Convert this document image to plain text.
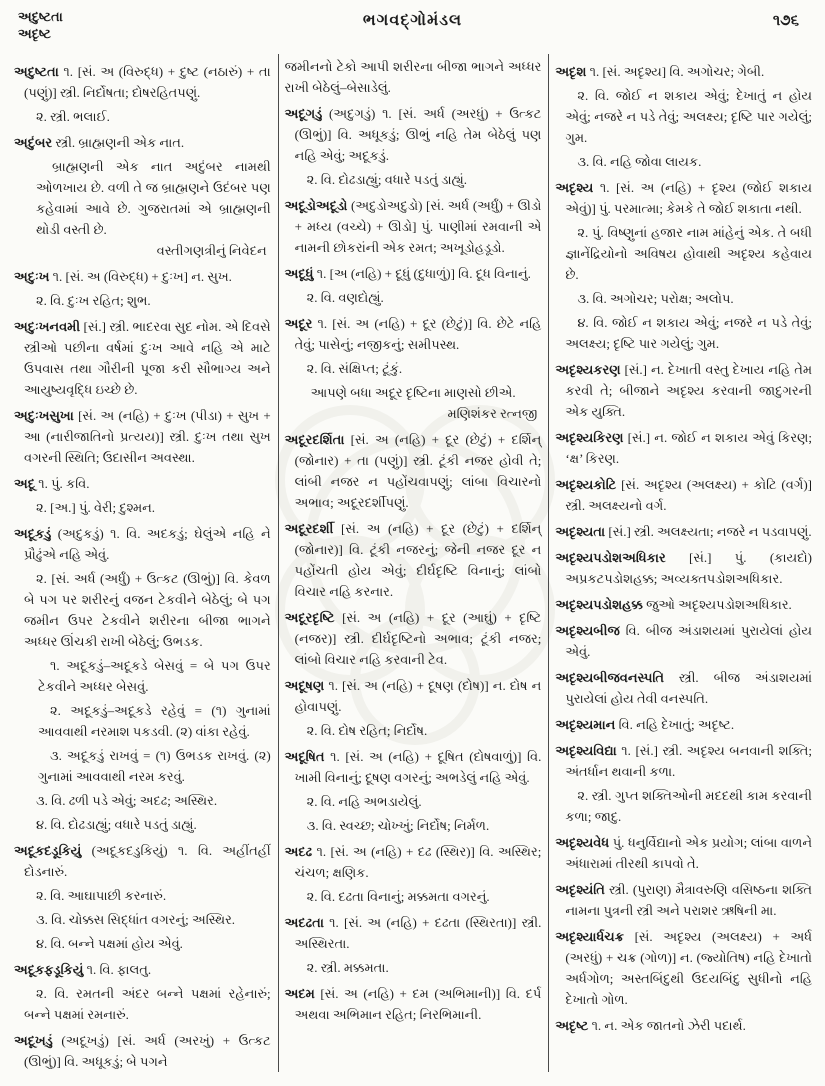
અદુષ્ટતા
અદૃષ્ટ
ભગવદ્ગોમંડલ	૧૭૬

અદુષ્ટતા ૧. [સં. અ (વિરુદ્ધ) + દુષ્ટ (નઠારું) + તા (પણું)] સ્ત્રી. નિર્દોષતા; દોષરહિતપણું.

૨. સ્ત્રી. ભલાઈ.

અદુંબર સ્ત્રી. બ્રાહ્મણની એક નાત.

બ્રાહ્મણની એક નાત અદુંબર નામથી ઓળખાય છે. વળી તે જ બ્રાહ્મણને ઉદંબર પણ કહેવામાં આવે છે. ગુજરાતમાં એ બ્રાહ્મણની થોડી વસ્તી છે.
વસ્તીગણત્રીનું નિવેદન

અદુઃખ ૧. [સં. અ (વિરુદ્ધ) + દુઃખ] ન. સુખ.

૨. વિ. દુઃખ રહિત; શુભ.

અદુઃખનવમી [સં.] સ્ત્રી. ભાદરવા સુદ નોમ. એ દિવસે સ્ત્રીઓ પછીના વર્ષમાં દુઃખ આવે નહિ એ માટે ઉપવાસ તથા ગૌરીની પૂજા કરી સૌભાગ્ય અને આયુષ્યવૃદ્ધિ ઇચ્છે છે.

અદુઃખસુખા [સં. અ (નહિ) + દુઃખ (પીડા) + સુખ + આ (નારીજાતિનો પ્રત્યય)] સ્ત્રી. દુઃખ તથા સુખ વગરની સ્થિતિ; ઉદાસીન અવસ્થા.

અદૂ ૧. પું. કવિ.

૨. [અ.] પું. વેરી; દુશ્મન.

અદૂકડું (અદુકડું) ૧. વિ. અદકડું; ઘેલુંએ નહિ ને પ્રૌઢુંએ નહિ એવું.

૨. [સં. અર્ધ (અર્ધું) + ઉત્કટ (ઊભું)] વિ. કેવળ બે પગ પર શરીરનું વજન ટેકવીને બેઠેલું; બે પગ જમીન ઉપર ટેકવીને શરીરના બીજા ભાગને અધ્ધર ઊંચકી રાખી બેઠેલું; ઉભડક.

૧. અદૂકડું–અદૂકડે બેસવું = બે પગ ઉપર ટેકવીને અધ્ધર બેસવું.

૨. અદૂકડું–અદૂકડે રહેવું = (૧) ગુનામાં આવવાથી નરમાશ પકડવી. (૨) વાંકા રહેવું.

૩. અદૂકડું રાખવું = (૧) ઉભડક રાખવું. (૨) ગુનામાં આવવાથી નરમ કરવું.

૩. વિ. ઢળી પડે એવું; અદઢ; અસ્થિર.

૪. વિ. દોઢડાહ્યું; વધારે પડતું ડાહ્યું.

અદૂકદડૂકિયું (અદૂકદડુકિયું) ૧. વિ. અહીંતહીં દોડનારું.

૨. વિ. આઘાપાછી કરનારું.

૩. વિ. ચોક્કસ સિદ્ધાંત વગરનું; અસ્થિર.

૪. વિ. બન્ને પક્ષમાં હોય એવું.

અદૂકફડૂકિયું ૧. વિ. ફાલતુ.

૨. વિ. રમતની અંદર બન્ને પક્ષમાં રહેનારું; બન્ને પક્ષમાં રમનારું.

અદૂખડું (અદૂખડું) [સં. અર્ધ (અરખું) + ઉત્કટ (ઊભું)] વિ. અધૂકડું; બે પગને

જમીનનો ટેકો આપી શરીરના બીજા ભાગને અધ્ધર રાખી બેઠેલું–બેસાડેલું.

અદૂગડું (અદુગડું) ૧. [સં. અર્ધ (અરધું) + ઉત્કટ (ઊભું)] વિ. અધૂકડું; ઊભું નહિ તેમ બેઠેલું પણ નહિ એવું; અદૂકડું.

૨. વિ. દોઢડાહ્યું; વધારે પડતું ડાહ્યું.

અદૂડોઅદૂડો (અદુડોઅદુડો) [સં. અર્ધ (અર્ધું) + ઊડો + મધ્ય (વચ્ચે) + ઊડો] પું. પાણીમાં રમવાની એ નામની છોકરાંની એક રમત; અખૂડોહડૂડો.

અદૂધું ૧. [અ (નહિ) + દૂધું (દુધાળું)] વિ. દૂધ વિનાનું.

૨. વિ. વણદોહ્યું.

અદૂર ૧. [સં. અ (નહિ) + દૂર (છેટું)] વિ. છેટે નહિ તેવું; પાસેનું; નજીકનું; સમીપસ્થ.

૨. વિ. સંક્ષિપ્ત; ટૂંકું.

આપણે બધા અદૂર દૃષ્ટિના માણસો છીએ.
મણિશંકર રત્નજી

અદૂરદર્શિતા [સં. અ (નહિ) + દૂર (છેટું) + દર્શિન્ (જોનાર) + તા (પણું)] સ્ત્રી. ટૂંકી નજર હોવી તે; લાંબી નજર ન પહોંચવાપણું; લાંબા વિચારનો અભાવ; અદૂરદર્શીપણું.

અદૂરદર્શી [સં. અ (નહિ) + દૂર (છેટું) + દર્શિન્ (જોનાર)] વિ. ટૂંકી નજરનું; જેની નજર દૂર ન પહોંચતી હોય એવું; દીર્ઘદૃષ્ટિ વિનાનું; લાંબો વિચાર નહિ કરનાર.

અદૂરદૃષ્ટિ [સં. અ (નહિ) + દૂર (આઘું) + દૃષ્ટિ (નજર)] સ્ત્રી. દીર્ઘદૃષ્ટિનો અભાવ; ટૂંકી નજર; લાંબો વિચાર નહિ કરવાની ટેવ.

અદૂષણ ૧. [સં. અ (નહિ) + દૂષણ (દોષ)] ન. દોષ ન હોવાપણું.

૨. વિ. દોષ રહિત; નિર્દોષ.

અદૂષિત ૧. [સં. અ (નહિ) + દૂષિત (દોષવાળું)] વિ. ખામી વિનાનું; દૂષણ વગરનું; અભડેલું નહિ એવું.

૨. વિ. નહિ અભડાયેલું.

૩. વિ. સ્વચ્છ; ચોખ્ખું; નિર્દોષ; નિર્મળ.

અદઢ ૧. [સં. અ (નહિ) + દઢ (સ્થિર)] વિ. અસ્થિર; ચંચળ; ક્ષણિક.

૨. વિ. દઢતા વિનાનું; મક્કમતા વગરનું.

અદઢતા ૧. [સં. અ (નહિ) + દઢતા (સ્થિરતા)] સ્ત્રી. અસ્થિરતા.

૨. સ્ત્રી. મક્કમતા.

અદમ [સં. અ (નહિ) + દમ (અભિમાની)] વિ. દર્પ અથવા અભિમાન રહિત; નિરભિમાની.

અદૃશ ૧. [સં. અદૃશ્ય] વિ. અગોચર; ગેબી.

૨. વિ. જોઈ ન શકાય એવું; દેખાતું ન હોય એવું; નજરે ન પડે તેવું; અલક્ષ્ય; દૃષ્ટિ પાર ગયેલું; ગુમ.

૩. વિ. નહિ જોવા લાયક.

અદૃશ્ય ૧. [સં. અ (નહિ) + દૃશ્ય (જોઈ શકાય એવું)] પું. પરમાત્મા; કેમકે તે જોઈ શકાતા નથી.

૨. પું. વિષ્ણુનાં હજાર નામ માંહેનું એક. તે બધી જ્ઞાનેંદ્રિયોનો અવિષય હોવાથી અદૃશ્ય કહેવાય છે.

૩. વિ. અગોચર; પરોક્ષ; અલોપ.

૪. વિ. જોઈ ન શકાય એવું; નજરે ન પડે તેવું; અલક્ષ્ય; દૃષ્ટિ પાર ગયેલું; ગુમ.

અદૃશ્યકરણ [સં.] ન. દેખાતી વસ્તુ દેખાય નહિ તેમ કરવી તે; બીજાને અદૃશ્ય કરવાની જાદુગરની એક યુક્તિ.

અદૃશ્યકિરણ [સં.] ન. જોઈ ન શકાય એવું કિરણ; ‘ક્ષ’ કિરણ.

અદૃશ્યકોટિ [સં. અદૃશ્ય (અલક્ષ્ય) + કોટિ (વર્ગ)] સ્ત્રી. અલક્ષ્યનો વર્ગ.

અદૃશ્યતા [સં.] સ્ત્રી. અલક્ષ્યતા; નજરે ન પડવાપણું.

અદૃશ્યપડોશઅધિકાર [સં.] પું. (કાયદો) અપ્રકટપડોશહક્ક; અવ્યક્તપડોશઅધિકાર.

અદૃશ્યપડોશહક્ક જુઓ અદૃશ્યપડોશઅધિકાર.

અદૃશ્યબીજ વિ. બીજ અંડાશયમાં પુરાયેલાં હોય એવું.

અદૃશ્યબીજવનસ્પતિ સ્ત્રી. બીજ અંડાશયમાં પુરાયેલાં હોય તેવી વનસ્પતિ.

અદૃશ્યમાન વિ. નહિ દેખાતું; અદૃષ્ટ.

અદૃશ્યવિદ્યા ૧. [સં.] સ્ત્રી. અદૃશ્ય બનવાની શક્તિ; અંતર્ધાન થવાની કળા.

૨. સ્ત્રી. ગુપ્ત શક્તિઓની મદદથી કામ કરવાની કળા; જાદુ.

અદૃશ્યવેધ પું. ધનુર્વિદ્યાનો એક પ્રયોગ; લાંબા વાળને અંધારામાં તીરથી કાપવો તે.

અદૃશ્યંતિ સ્ત્રી. (પુરાણ) મૈત્રાવરુણિ વસિષ્ઠના શક્તિ નામના પુત્રની સ્ત્રી અને પરાશર ઋષિની મા.

અદૃશ્યાર્ધચક્ર [સં. અદૃશ્ય (અલક્ષ્ય) + અર્ધ (અરધું) + ચક્ર (ગોળ)] ન. (જ્યોતિષ) નહિ દેખાતો અર્ધગોળ; અસ્તબિંદુથી ઉદયબિંદુ સુધીનો નહિ દેખાતો ગોળ.

અદૃષ્ટ ૧. ન. એક જાતનો ઝેરી પદાર્થ.
